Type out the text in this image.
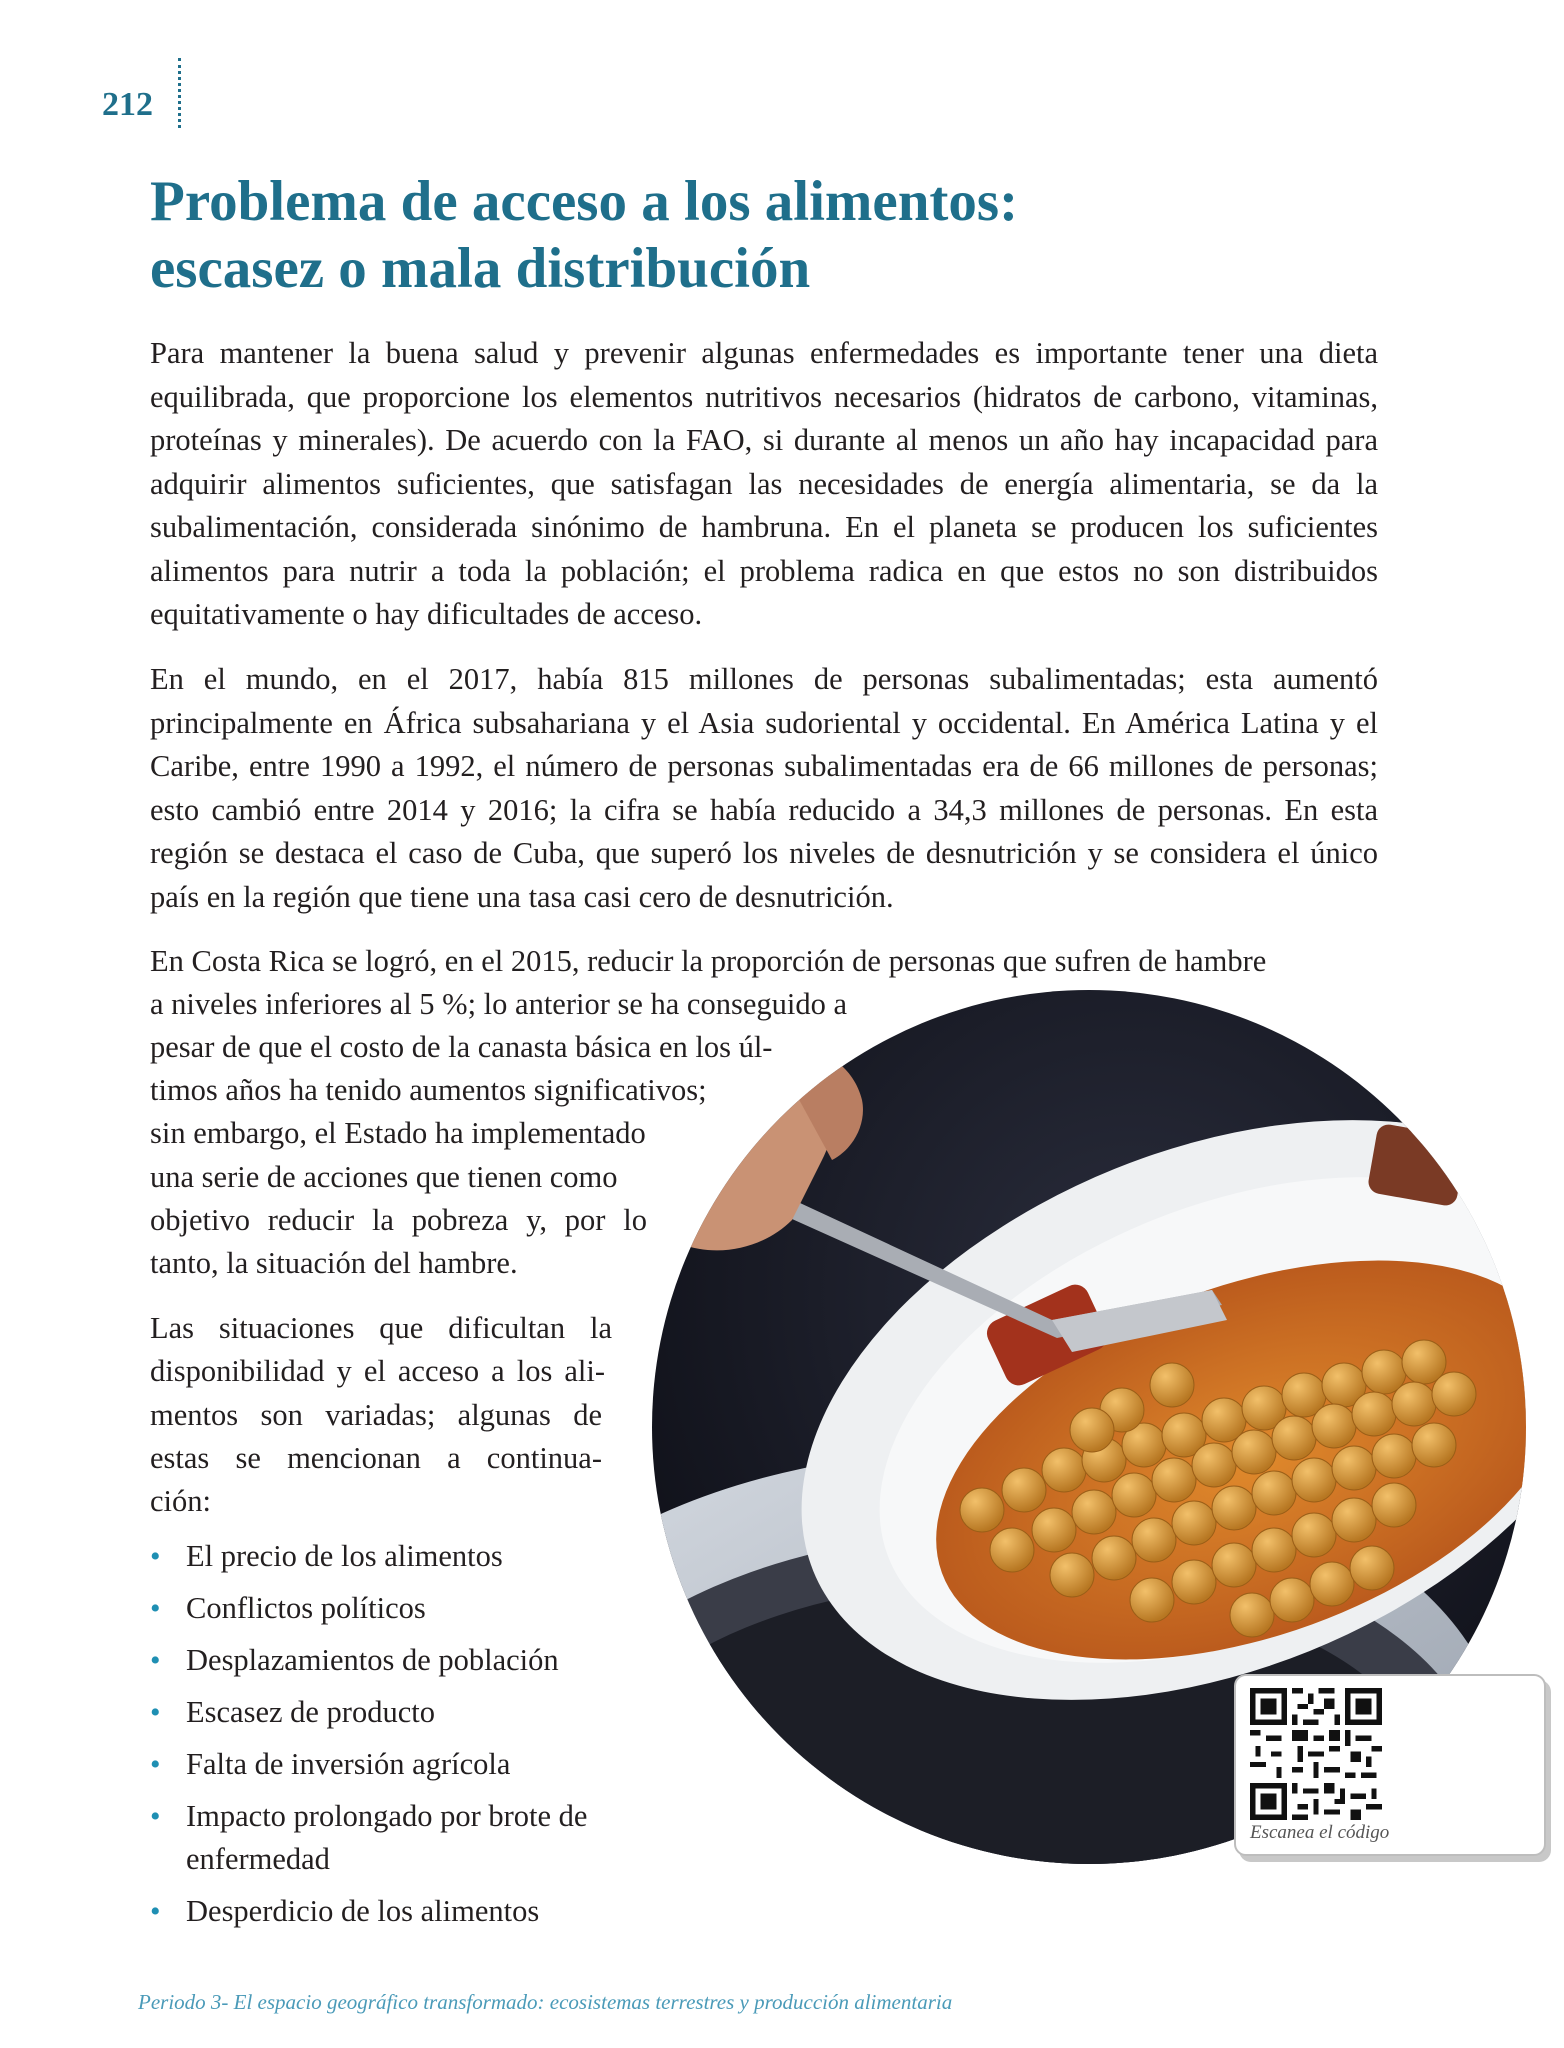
212
Problema de acceso a los alimentos:
escasez o mala distribución

Para mantener la buena salud y prevenir algunas enfermedades es importante tener una dieta equilibrada, que proporcione los elementos nutritivos necesarios (hidratos de carbono, vitaminas, proteínas y minerales). De acuerdo con la FAO, si durante al menos un año hay incapacidad para adquirir alimentos suficientes, que satisfagan las necesidades de energía alimentaria, se da la subalimentación, considerada sinónimo de hambruna. En el planeta se producen los suficientes alimentos para nutrir a toda la población; el problema radica en que estos no son distribuidos equitativamente o hay dificultades de acceso.

En el mundo, en el 2017, había 815 millones de personas subalimentadas; esta aumentó principalmente en África subsahariana y el Asia sudoriental y occidental. En América Latina y el Caribe, entre 1990 a 1992, el número de personas subalimentadas era de 66 millones de personas; esto cambió entre 2014 y 2016; la cifra se había reducido a 34,3 millones de personas. En esta región se destaca el caso de Cuba, que superó los niveles de desnutrición y se considera el único país en la región que tiene una tasa casi cero de desnutrición.

En Costa Rica se logró, en el 2015, reducir la proporción de personas que sufren de hambre

a niveles inferiores al 5 %; lo anterior se ha conseguido a
pesar de que el costo de la canasta básica en los úl-
timos años ha tenido aumentos significativos;
sin embargo, el Estado ha implementado
una serie de acciones que tienen como
objetivo reducir la pobreza y, por lo
tanto, la situación del hambre.
Las situaciones que dificultan la
disponibilidad y el acceso a los ali-
mentos son variadas; algunas de
estas se mencionan a continua-
ción:
• El precio de los alimentos
• Conflictos políticos
• Desplazamientos de población
• Escasez de producto
• Falta de inversión agrícola
• Impacto prolongado por brote de enfermedad
• Desperdicio de los alimentos
Escanea el código
Periodo 3- El espacio geográfico transformado: ecosistemas terrestres y producción alimentaria
